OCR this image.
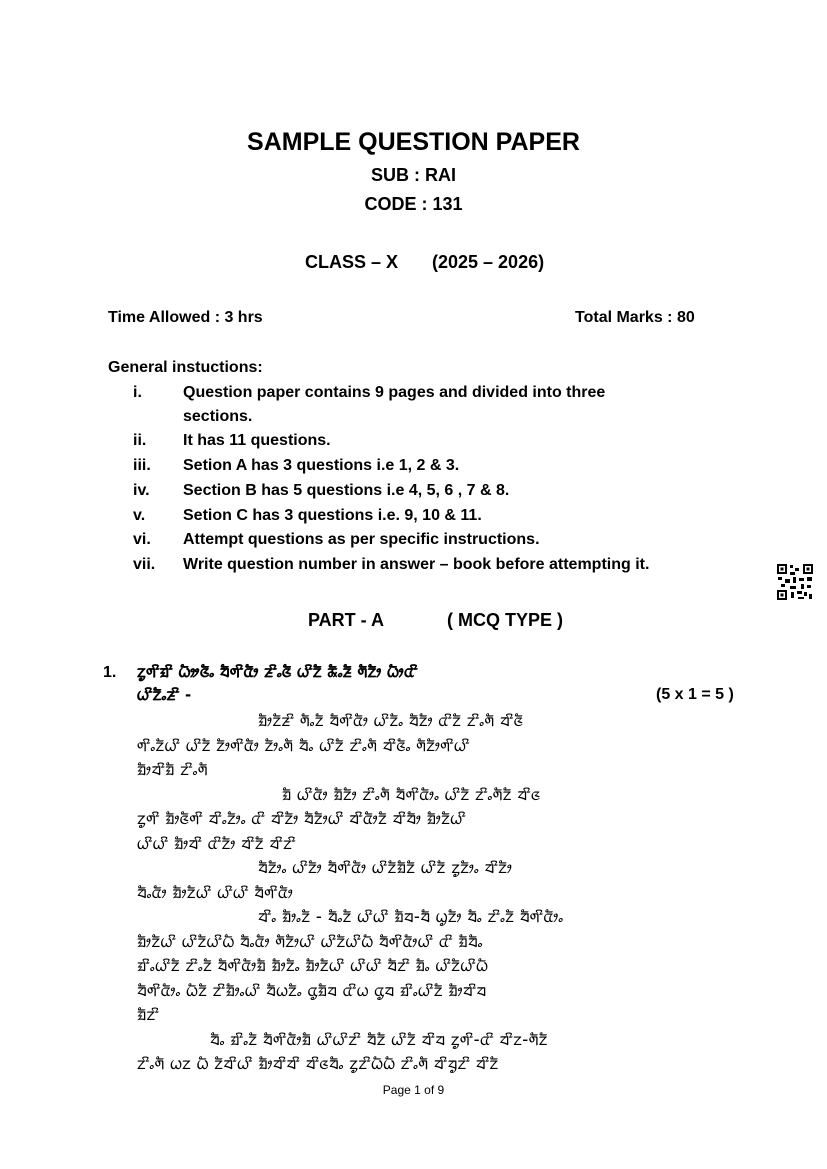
SAMPLE QUESTION PAPER
SUB : RAI
CODE : 131
CLASS – X (2025 – 2026)
Time Allowed : 3 hrs	Total Marks : 80
General instuctions:
i.	Question paper contains 9 pages and divided into three
sections.
ii. It has 11 questions.
iii. Setion A has 3 questions i.e 1, 2 & 3.
iv. Section B has 5 questions i.e 4, 5, 6 , 7 & 8.
v. Setion C has 3 questions i.e. 9, 10 & 11.
vi. Attempt questions as per specific instructions.
vii. Write question number in answer – book before attempting it.
PART - A	( MCQ TYPE )
1. ᤁᤢᤛᤡᤀᤡ ᤐᤦᤜᤠᤱ ᤔᤠᤛᤡᤂᤥ ᤏᤡᤱᤜᤠ ᤐᤡᤁᤠ ᤊᤠᤱᤏᤠ ᤛᤠᤁᤥ ᤐᤥᤂᤡ
ᤐᤡᤁᤠᤱᤏᤡ -	(5 x 1 = 5 )
ᤀᤥᤁᤠᤏᤡ ᤛᤠᤱᤁᤠ ᤔᤠᤛᤡᤂᤥ ᤐᤡᤁᤠᤱ ᤔᤠᤁᤥ ᤂᤡᤁᤠ ᤁᤡᤱᤛᤠ ᤔᤡᤜᤠ
ᤛᤡᤱᤁᤠᤐᤡ ᤐᤡᤁᤠ ᤁᤥᤛᤡᤂᤥ ᤁᤥᤱᤛᤠ ᤔᤠᤱ ᤐᤡᤁᤠ ᤁᤡᤱᤛᤠ ᤔᤡᤜᤠᤱ ᤛᤠᤁᤥᤛᤡᤐᤡ
ᤀᤥᤔᤡᤀᤠ ᤁᤡᤱᤛᤠ
ᤀᤠ ᤐᤡᤂᤥ ᤀᤠᤁᤥ ᤁᤡᤱᤛᤠ ᤔᤠᤛᤡᤂᤥᤱ ᤐᤡᤁᤠ ᤁᤡᤱᤛᤠᤁᤠ ᤔᤡᤜ
ᤁᤢᤛᤡ ᤀᤥᤜᤠᤛᤡ ᤔᤡᤱᤁᤥᤱ ᤂᤡ ᤔᤡᤁᤥ ᤔᤠᤁᤥᤐᤡ ᤔᤡᤂᤥᤁᤠ ᤔᤡᤔᤥ ᤀᤥᤁᤠᤐᤡ
ᤐᤡᤐᤡ ᤀᤥᤔᤡ ᤂᤡᤁᤥ ᤔᤡᤁᤠ ᤔᤡᤁᤡ
ᤔᤠᤁᤥᤱ ᤐᤡᤁᤥ ᤔᤠᤛᤡᤂᤥ ᤐᤡᤁᤠᤀᤠᤁᤠ ᤐᤡᤁᤠ ᤁᤢᤁᤥᤱ ᤔᤡᤁᤥ
ᤔᤠᤱᤂᤥ ᤀᤥᤁᤠᤐᤡ ᤐᤡᤐᤡ ᤔᤠᤛᤡᤂᤥ
ᤔᤡᤱ ᤀᤥᤱᤁᤠ - ᤔᤠᤱᤁᤠ ᤐᤡᤐᤡ ᤀᤠᤔ-ᤔᤠ ᤐᤢᤁᤥ ᤔᤠᤱ ᤁᤡᤱᤁᤠ ᤔᤠᤛᤡᤂᤥᤱ
ᤀᤥᤁᤠᤐᤡ ᤐᤡᤁᤠᤐᤡᤐᤠ ᤔᤠᤱᤂᤥ ᤛᤠᤁᤥᤐᤡ ᤐᤡᤁᤠᤐᤡᤐᤠ ᤔᤠᤛᤡᤂᤥᤐᤡ ᤂᤡ ᤀᤠᤔᤠᤱ
ᤀᤡᤱᤐᤡᤁᤠ ᤁᤡᤱᤁᤠ ᤔᤠᤛᤡᤂᤥᤀᤠ ᤀᤥᤁᤠᤱ ᤀᤥᤁᤠᤐᤡ ᤐᤡᤐᤡ ᤔᤠᤁᤡ ᤀᤠᤱ ᤐᤡᤁᤠᤐᤡᤐᤠ
ᤔᤠᤛᤡᤂᤥᤱ ᤐᤠᤁᤠ ᤁᤡᤀᤥᤱᤐᤡ ᤔᤠᤐᤁᤠᤱ ᤂᤢᤀᤠᤔ ᤂᤡᤐ ᤂᤢᤔ ᤀᤡᤱᤐᤡᤁᤠ ᤀᤥᤔᤡᤔ
ᤀᤠᤁᤡ
ᤔᤠᤱ ᤀᤡᤱᤁᤠ ᤔᤠᤛᤡᤂᤥᤀᤠ ᤐᤡᤐᤡᤁᤡ ᤔᤠᤁᤠ ᤐᤡᤁᤠ ᤔᤡᤔ ᤁᤢᤛᤡ-ᤂᤡ ᤔᤡᤁ-ᤛᤠᤁᤠ
ᤁᤡᤱᤛᤠ ᤐᤁ ᤐᤠ ᤁᤠᤔᤡᤐᤡ ᤀᤥᤔᤡᤔᤡ ᤔᤡᤜᤔᤠᤱ ᤁᤢᤁᤡᤐᤠᤐᤠ ᤁᤡᤱᤛᤠ ᤔᤡᤔᤢᤁᤡ ᤔᤡᤁᤠ
Page 1 of 9
